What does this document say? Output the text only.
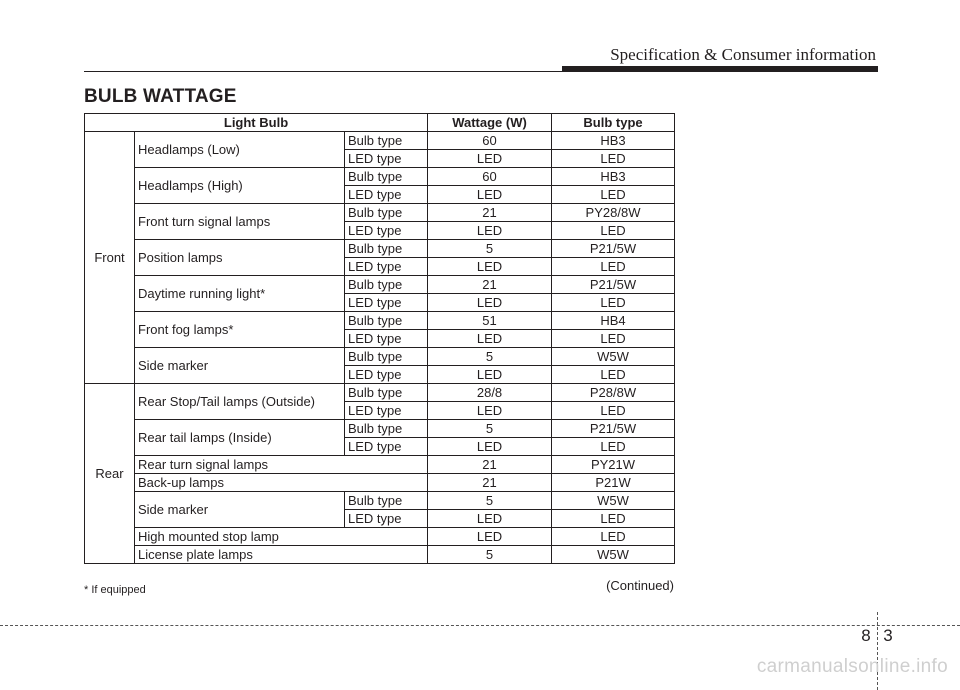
Specification & Consumer information
BULB WATTAGE
Light Bulb			Wattage (W)	Bulb type
Front	Headlamps (Low)	Bulb type	60	HB3
		LED type	LED	LED
	Headlamps (High)	Bulb type	60	HB3
		LED type	LED	LED
	Front turn signal lamps	Bulb type	21	PY28/8W
		LED type	LED	LED
	Position lamps	Bulb type	5	P21/5W
		LED type	LED	LED
	Daytime running light*	Bulb type	21	P21/5W
		LED type	LED	LED
	Front fog lamps*	Bulb type	51	HB4
		LED type	LED	LED
	Side marker	Bulb type	5	W5W
		LED type	LED	LED
Rear	Rear Stop/Tail lamps (Outside)	Bulb type	28/8	P28/8W
		LED type	LED	LED
	Rear tail lamps (Inside)	Bulb type	5	P21/5W
		LED type	LED	LED
	Rear turn signal lamps		21	PY21W
	Back-up lamps		21	P21W
	Side marker	Bulb type	5	W5W
		LED type	LED	LED
	High mounted stop lamp		LED	LED
	License plate lamps		5	W5W
* If equipped	(Continued)
8 3
carmanualsonline.info
